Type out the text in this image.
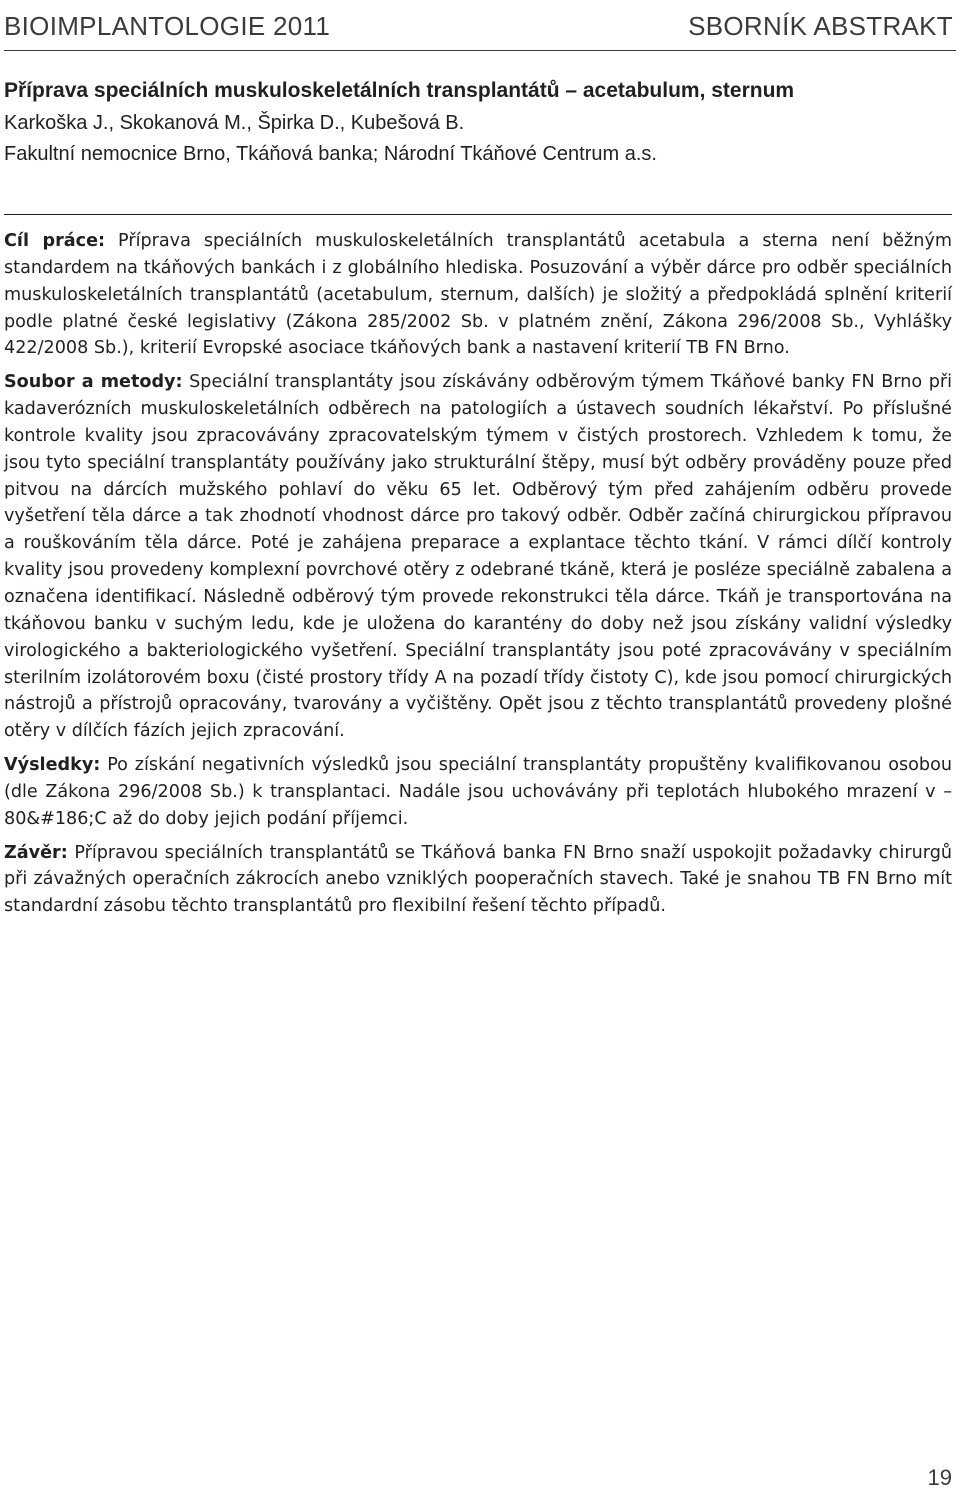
BIOIMPLANTOLOGIE 2011	SBORNÍK ABSTRAKT
Příprava speciálních muskuloskeletálních transplantátů – acetabulum, sternum
Karkoška J., Skokanová M., Špirka D., Kubešová B.
Fakultní nemocnice Brno, Tkáňová banka; Národní Tkáňové Centrum a.s.

Cíl práce: Příprava speciálních muskuloskeletálních transplantátů acetabula a sterna není běžným standardem na tkáňových bankách i z globálního hlediska. Posuzování a výběr dárce pro odběr speciálních muskuloskeletálních transplantátů (acetabulum, sternum, dalších) je složitý a předpokládá splnění kriterií podle platné české legislativy (Zákona 285/2002 Sb. v platném znění, Zákona 296/2008 Sb., Vyhlášky 422/2008 Sb.), kriterií Evropské asociace tkáňových bank a nastavení kriterií TB FN Brno.

Soubor a metody: Speciální transplantáty jsou získávány odběrovým týmem Tkáňové banky FN Brno při kadaverózních muskuloskeletálních odběrech na patologiích a ústavech soudních lékařství. Po příslušné kontrole kvality jsou zpracovávány zpracovatelským týmem v čistých prostorech. Vzhledem k tomu, že jsou tyto speciální transplantáty používány jako strukturální štěpy, musí být odběry prováděny pouze před pitvou na dárcích mužského pohlaví do věku 65 let. Odběrový tým před zahájením odběru provede vyšetření těla dárce a tak zhodnotí vhodnost dárce pro takový odběr. Odběr začíná chirurgickou přípravou a rouškováním těla dárce. Poté je zahájena preparace a explantace těchto tkání. V rámci dílčí kontroly kvality jsou provedeny komplexní povrchové otěry z odebrané tkáně, která je posléze speciálně zabalena a označena identifikací. Následně odběrový tým provede rekonstrukci těla dárce. Tkáň je transportována na tkáňovou banku v suchým ledu, kde je uložena do karantény do doby než jsou získány validní výsledky virologického a bakteriologického vyšetření. Speciální transplantáty jsou poté zpracovávány v speciálním sterilním izolátorovém boxu (čisté prostory třídy A na pozadí třídy čistoty C), kde jsou pomocí chirurgických nástrojů a přístrojů opracovány, tvarovány a vyčištěny. Opět jsou z těchto transplantátů provedeny plošné otěry v dílčích fázích jejich zpracování.

Výsledky: Po získání negativních výsledků jsou speciální transplantáty propuštěny kvalifikovanou osobou (dle Zákona 296/2008 Sb.) k transplantaci. Nadále jsou uchovávány při teplotách hlubokého mrazení v –80&#186;C až do doby jejich podání příjemci.

Závěr: Přípravou speciálních transplantátů se Tkáňová banka FN Brno snaží uspokojit požadavky chirurgů při závažných operačních zákrocích anebo vzniklých pooperačních stavech. Také je snahou TB FN Brno mít standardní zásobu těchto transplantátů pro flexibilní řešení těchto případů.

19
